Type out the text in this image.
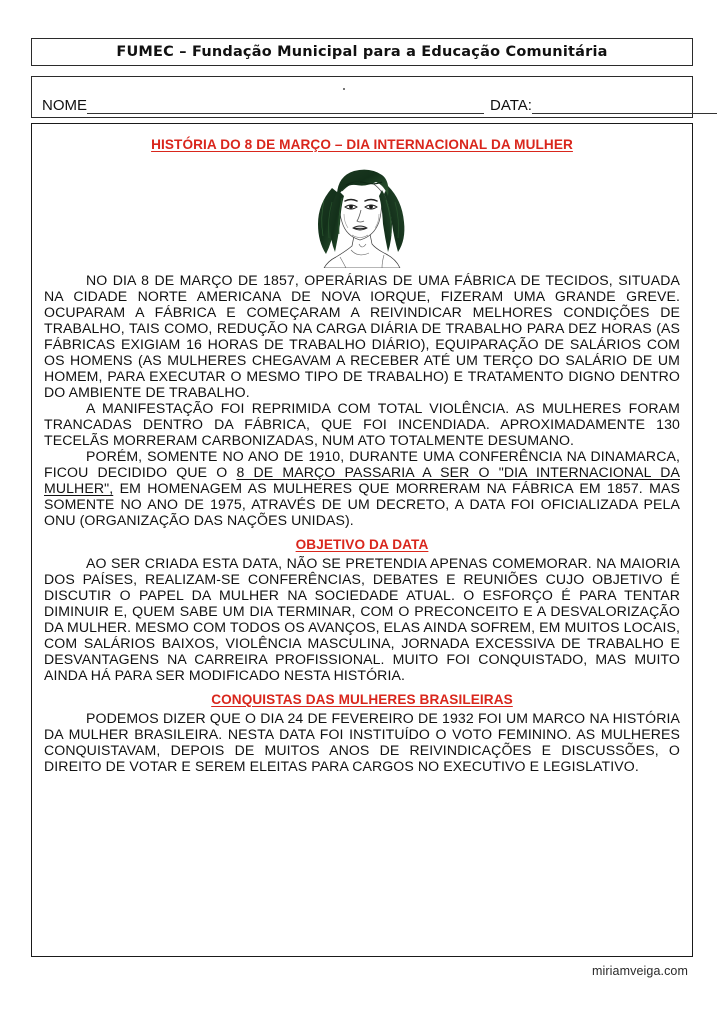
FUMEC – Fundação Municipal para a Educação Comunitária
NOME	DATA:
HISTÓRIA DO 8 DE MARÇO – DIA INTERNACIONAL DA MULHER

NO DIA 8 DE MARÇO DE 1857, OPERÁRIAS DE UMA FÁBRICA DE TECIDOS, SITUADA NA CIDADE NORTE AMERICANA DE NOVA IORQUE, FIZERAM UMA GRANDE GREVE. OCUPARAM A FÁBRICA E COMEÇARAM A REIVINDICAR MELHORES CONDIÇÕES DE TRABALHO, TAIS COMO, REDUÇÃO NA CARGA DIÁRIA DE TRABALHO PARA DEZ HORAS (AS FÁBRICAS EXIGIAM 16 HORAS DE TRABALHO DIÁRIO), EQUIPARAÇÃO DE SALÁRIOS COM OS HOMENS (AS MULHERES CHEGAVAM A RECEBER ATÉ UM TERÇO DO SALÁRIO DE UM HOMEM, PARA EXECUTAR O MESMO TIPO DE TRABALHO) E TRATAMENTO DIGNO DENTRO DO AMBIENTE DE TRABALHO.

A MANIFESTAÇÃO FOI REPRIMIDA COM TOTAL VIOLÊNCIA. AS MULHERES FORAM TRANCADAS DENTRO DA FÁBRICA, QUE FOI INCENDIADA. APROXIMADAMENTE 130 TECELÃS MORRERAM CARBONIZADAS, NUM ATO TOTALMENTE DESUMANO.

PORÉM, SOMENTE NO ANO DE 1910, DURANTE UMA CONFERÊNCIA NA DINAMARCA, FICOU DECIDIDO QUE O 8 DE MARÇO PASSARIA A SER O "DIA INTERNACIONAL DA MULHER", EM HOMENAGEM AS MULHERES QUE MORRERAM NA FÁBRICA EM 1857. MAS SOMENTE NO ANO DE 1975, ATRAVÉS DE UM DECRETO, A DATA FOI OFICIALIZADA PELA ONU (ORGANIZAÇÃO DAS NAÇÕES UNIDAS).

OBJETIVO DA DATA

AO SER CRIADA ESTA DATA, NÃO SE PRETENDIA APENAS COMEMORAR. NA MAIORIA DOS PAÍSES, REALIZAM-SE CONFERÊNCIAS, DEBATES E REUNIÕES CUJO OBJETIVO É DISCUTIR O PAPEL DA MULHER NA SOCIEDADE ATUAL. O ESFORÇO É PARA TENTAR DIMINUIR E, QUEM SABE UM DIA TERMINAR, COM O PRECONCEITO E A DESVALORIZAÇÃO DA MULHER. MESMO COM TODOS OS AVANÇOS, ELAS AINDA SOFREM, EM MUITOS LOCAIS, COM SALÁRIOS BAIXOS, VIOLÊNCIA MASCULINA, JORNADA EXCESSIVA DE TRABALHO E DESVANTAGENS NA CARREIRA PROFISSIONAL. MUITO FOI CONQUISTADO, MAS MUITO AINDA HÁ PARA SER MODIFICADO NESTA HISTÓRIA.

CONQUISTAS DAS MULHERES BRASILEIRAS

PODEMOS DIZER QUE O DIA 24 DE FEVEREIRO DE 1932 FOI UM MARCO NA HISTÓRIA DA MULHER BRASILEIRA. NESTA DATA FOI INSTITUÍDO O VOTO FEMININO. AS MULHERES CONQUISTAVAM, DEPOIS DE MUITOS ANOS DE REIVINDICAÇÕES E DISCUSSÕES, O DIREITO DE VOTAR E SEREM ELEITAS PARA CARGOS NO EXECUTIVO E LEGISLATIVO.

miriamveiga.com
